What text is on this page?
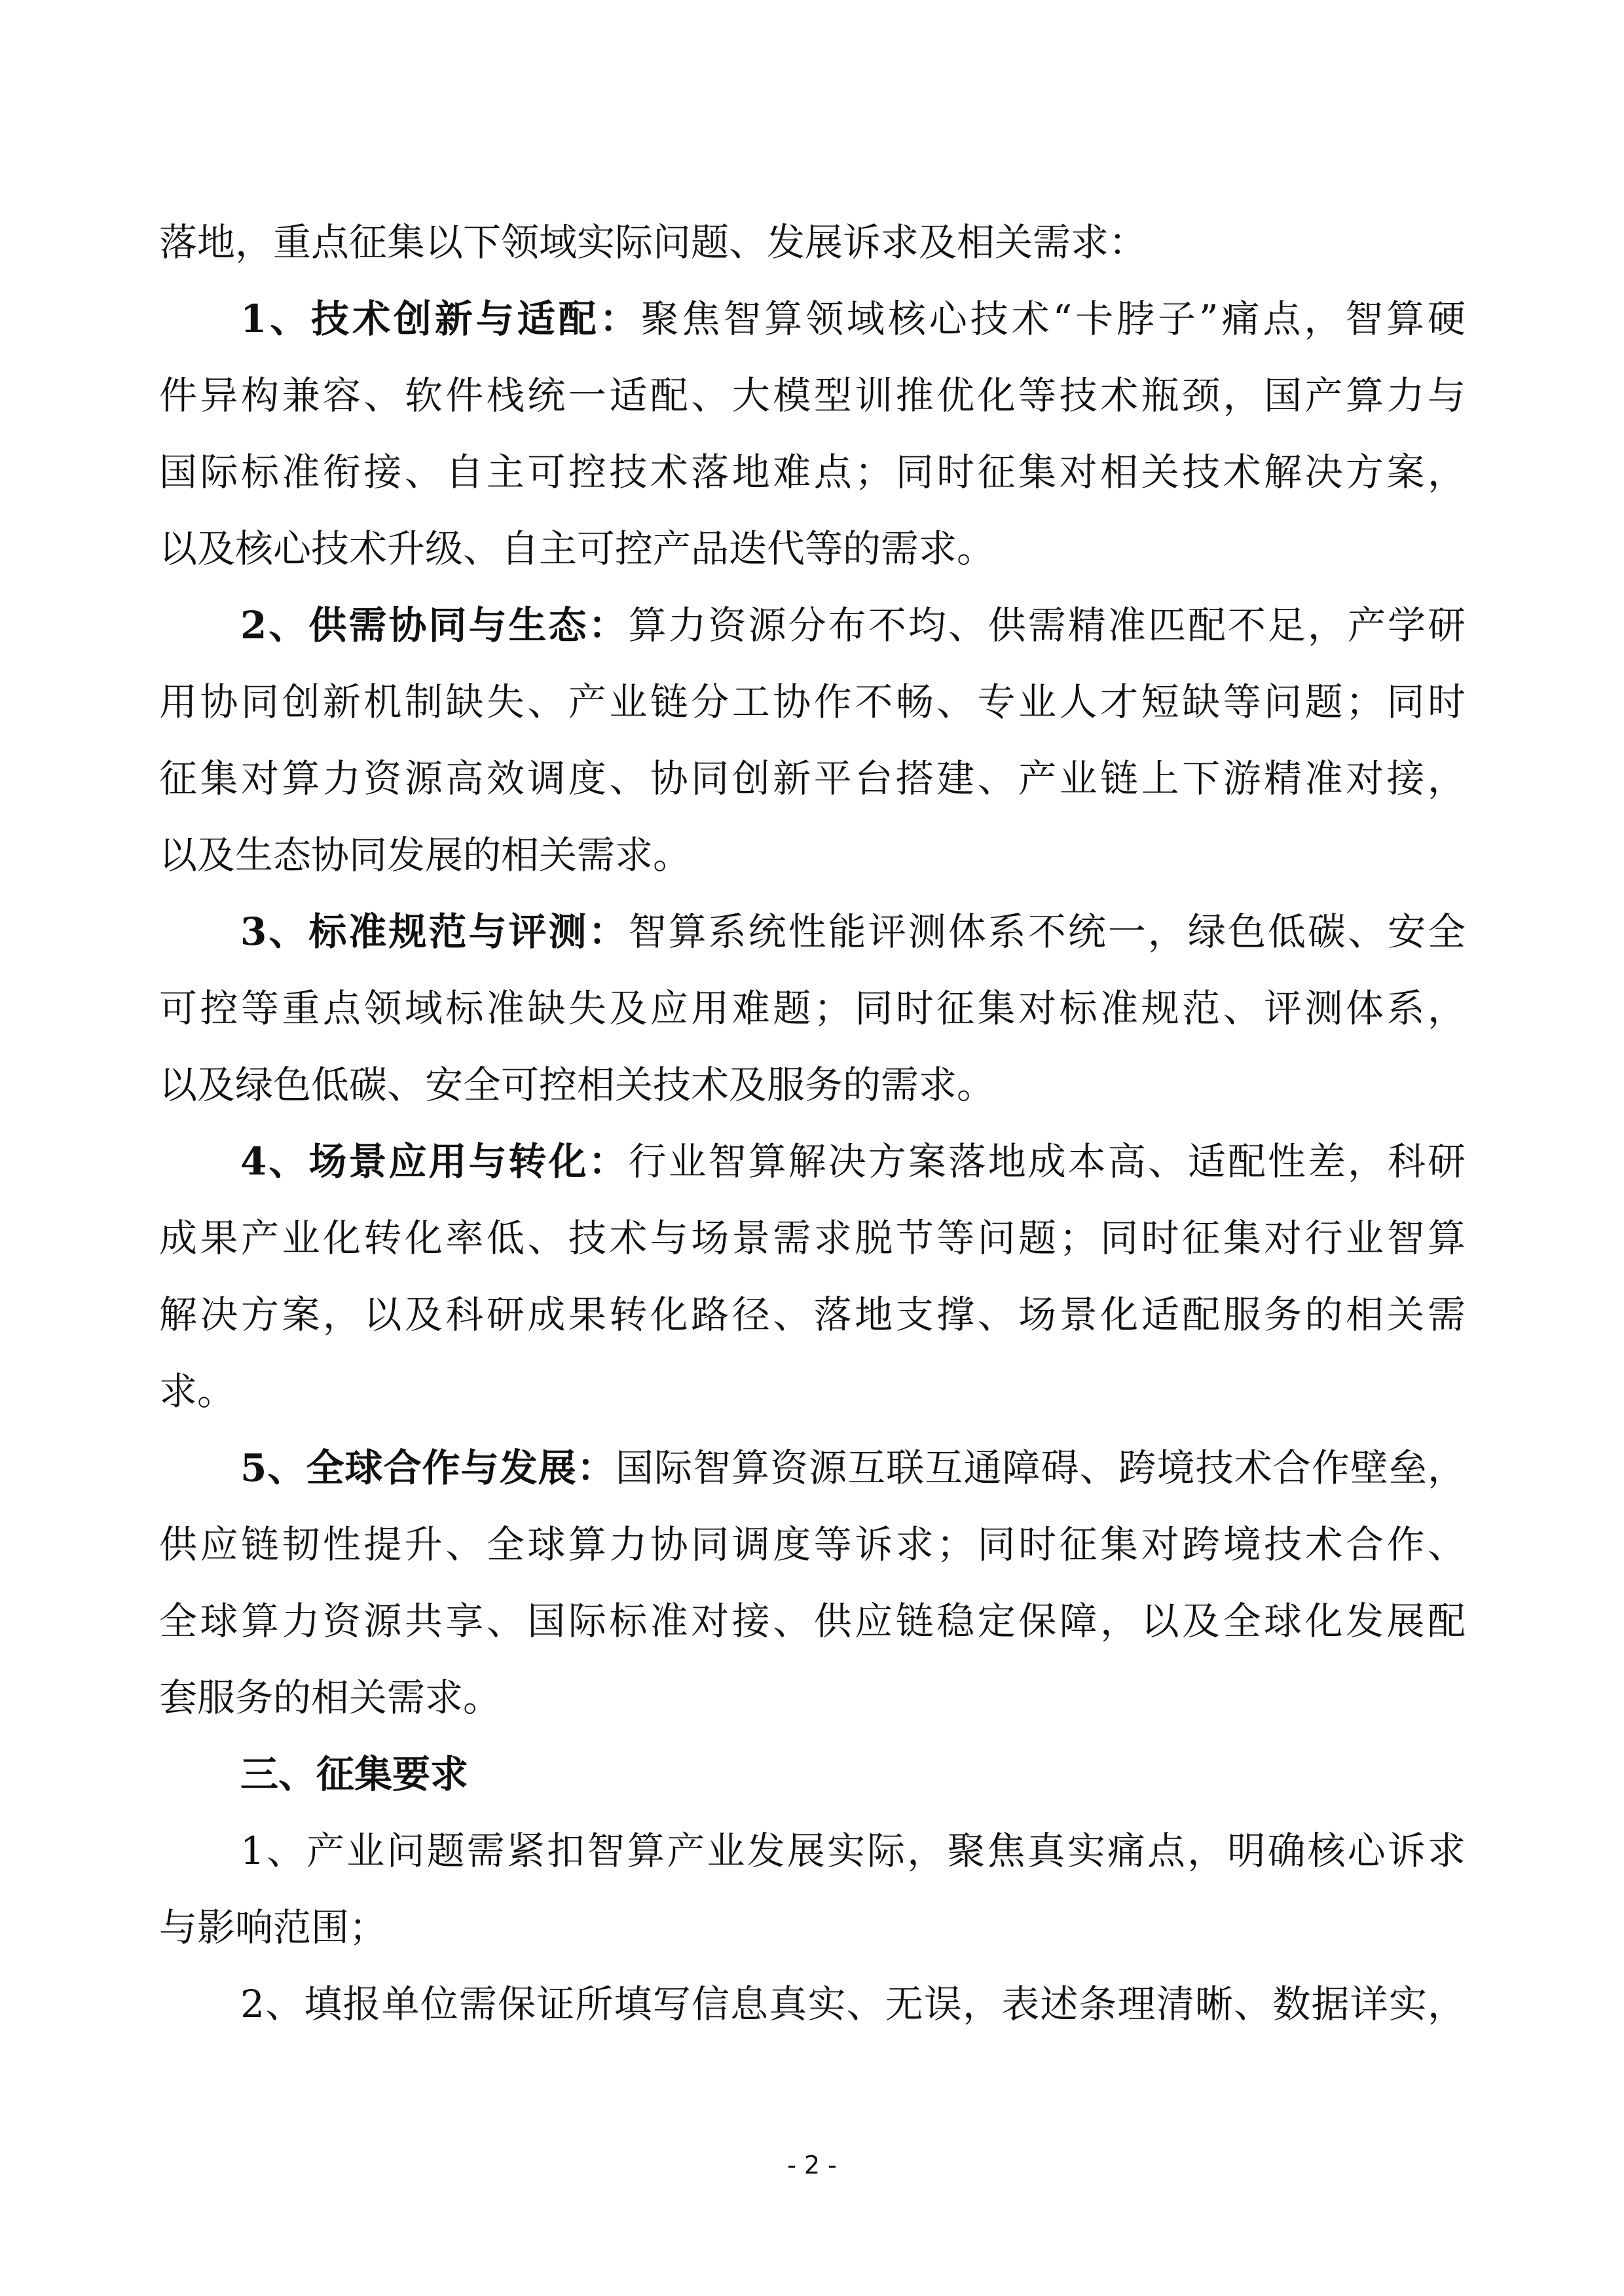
落地，重点征集以下领域实际问题、发展诉求及相关需求：
1、技术创新与适配：聚焦智算领域核心技术“卡脖子”痛点，智算硬
件异构兼容、软件栈统一适配、大模型训推优化等技术瓶颈，国产算力与
国际标准衔接、自主可控技术落地难点；同时征集对相关技术解决方案，
以及核心技术升级、自主可控产品迭代等的需求。
2、供需协同与生态：算力资源分布不均、供需精准匹配不足，产学研
用协同创新机制缺失、产业链分工协作不畅、专业人才短缺等问题；同时
征集对算力资源高效调度、协同创新平台搭建、产业链上下游精准对接，
以及生态协同发展的相关需求。
3、标准规范与评测：智算系统性能评测体系不统一，绿色低碳、安全
可控等重点领域标准缺失及应用难题；同时征集对标准规范、评测体系，
以及绿色低碳、安全可控相关技术及服务的需求。
4、场景应用与转化：行业智算解决方案落地成本高、适配性差，科研
成果产业化转化率低、技术与场景需求脱节等问题；同时征集对行业智算
解决方案，以及科研成果转化路径、落地支撑、场景化适配服务的相关需
求。
5、全球合作与发展：国际智算资源互联互通障碍、跨境技术合作壁垒，
供应链韧性提升、全球算力协同调度等诉求；同时征集对跨境技术合作、
全球算力资源共享、国际标准对接、供应链稳定保障，以及全球化发展配
套服务的相关需求。
三、征集要求
1、产业问题需紧扣智算产业发展实际，聚焦真实痛点，明确核心诉求
与影响范围；
2、填报单位需保证所填写信息真实、无误，表述条理清晰、数据详实，
- 2 -
